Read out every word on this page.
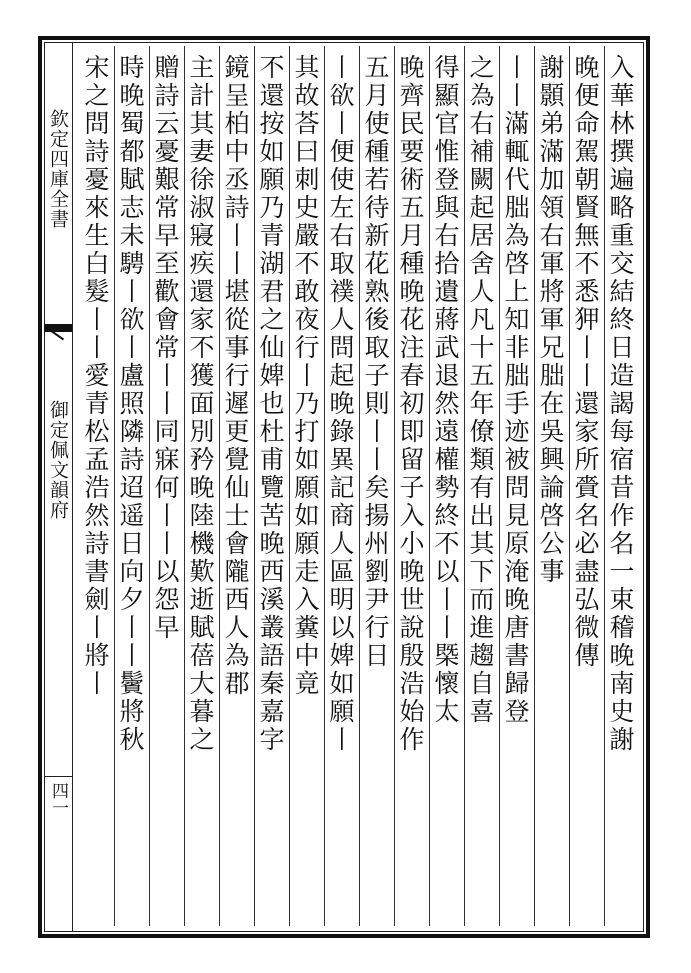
欽定四庫全書
御定佩文韻府
四一
入華林撰遍略重交結終日造謁每宿昔作名一束稽晚南史謝
晚便命駕朝賢無不悉狎丨丨還家所賫名必盡弘微傳
謝顥弟滿加領右軍將軍兄朏在吳興論啓公事
丨丨滿輒代朏為啓上知非朏手迹被問見原淹晚唐書歸登
之為右補闕起居舍人凡十五年僚類有出其下而進趨自喜
得顯官惟登與右拾遺蔣武退然遠權勢終不以丨丨槩懷太
晚齊民要術五月種晚花注春初即留子入小晚世說殷浩始作
五月使種若待新花熟後取子則丨丨矣揚州劉尹行日
丨欲丨便使左右取襆人問起晚錄異記商人區明以婢如願丨
其故荅曰刺史嚴不敢夜行丨乃打如願如願走入糞中竟
不還按如願乃青湖君之仙婢也杜甫覽苦晚西溪叢語秦嘉字
鏡呈柏中丞詩丨丨堪從事行遲更覺仙士會隴西人為郡
主計其妻徐淑寢疾還家不獲面別矜晚陸機歎逝賦蓓大暮之
贈詩云憂艱常早至歡會常丨丨同寐何丨丨以怨早
時晚蜀都賦志未騁丨欲丨盧照隣詩迢遥日向夕丨丨鬢將秋
宋之問詩憂來生白髮丨丨愛青松孟浩然詩書劍丨將丨
